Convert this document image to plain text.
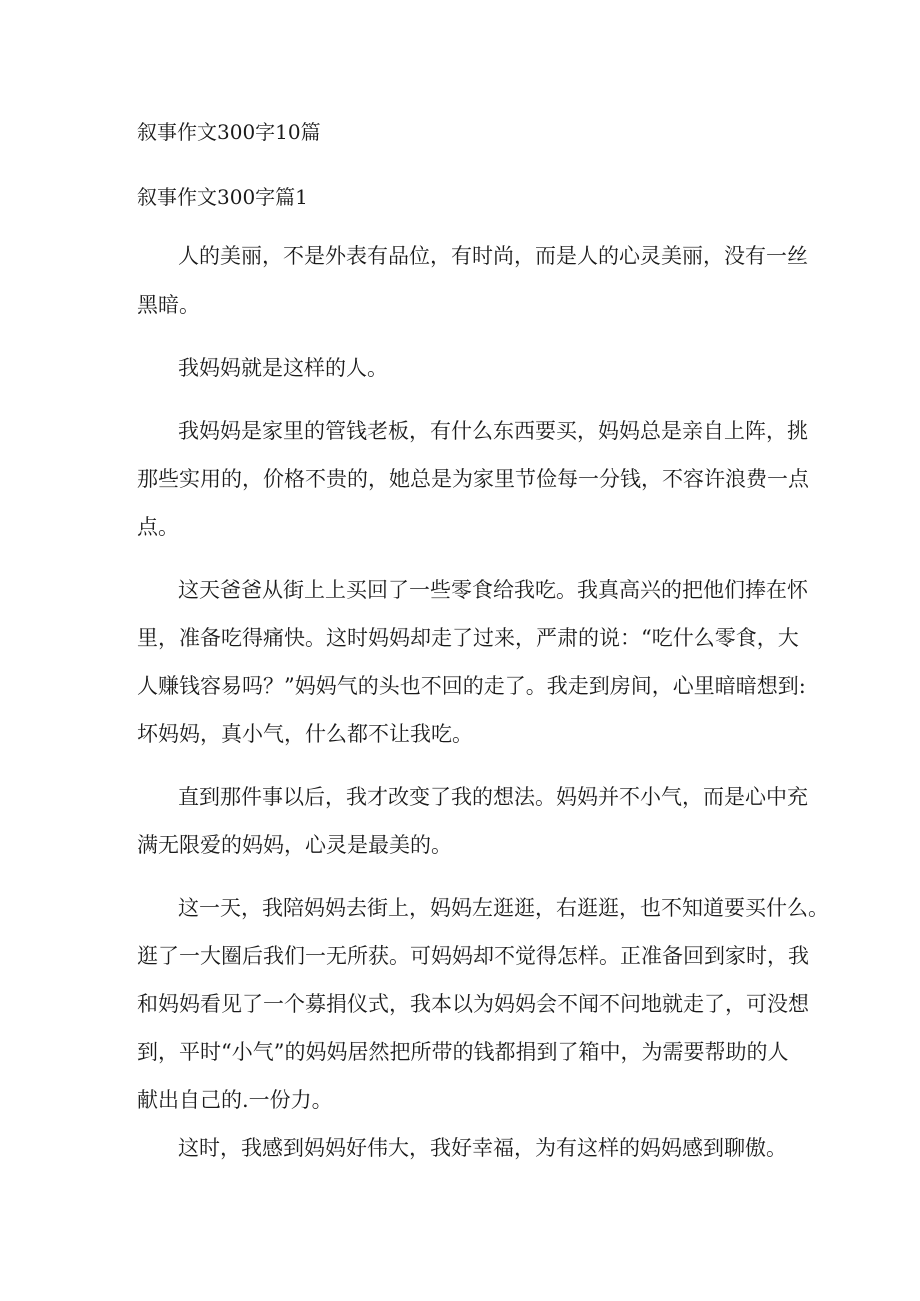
叙事作文300字10篇
叙事作文300字篇1
人的美丽，不是外表有品位，有时尚，而是人的心灵美丽，没有一丝
黑暗。
我妈妈就是这样的人。
我妈妈是家里的管钱老板，有什么东西要买，妈妈总是亲自上阵，挑
那些实用的，价格不贵的，她总是为家里节俭每一分钱，不容许浪费一点
点。
这天爸爸从街上上买回了一些零食给我吃。我真高兴的把他们捧在怀
里，准备吃得痛快。这时妈妈却走了过来，严肃的说：“吃什么零食，大
人赚钱容易吗？”妈妈气的头也不回的走了。我走到房间，心里暗暗想到:
坏妈妈，真小气，什么都不让我吃。
直到那件事以后，我才改变了我的想法。妈妈并不小气，而是心中充
满无限爱的妈妈，心灵是最美的。
这一天，我陪妈妈去街上，妈妈左逛逛，右逛逛，也不知道要买什么。
逛了一大圈后我们一无所获。可妈妈却不觉得怎样。正准备回到家时，我
和妈妈看见了一个募捐仪式，我本以为妈妈会不闻不问地就走了，可没想
到，平时“小气”的妈妈居然把所带的钱都捐到了箱中，为需要帮助的人
献出自己的.一份力。
这时，我感到妈妈好伟大，我好幸福，为有这样的妈妈感到聊傲。
